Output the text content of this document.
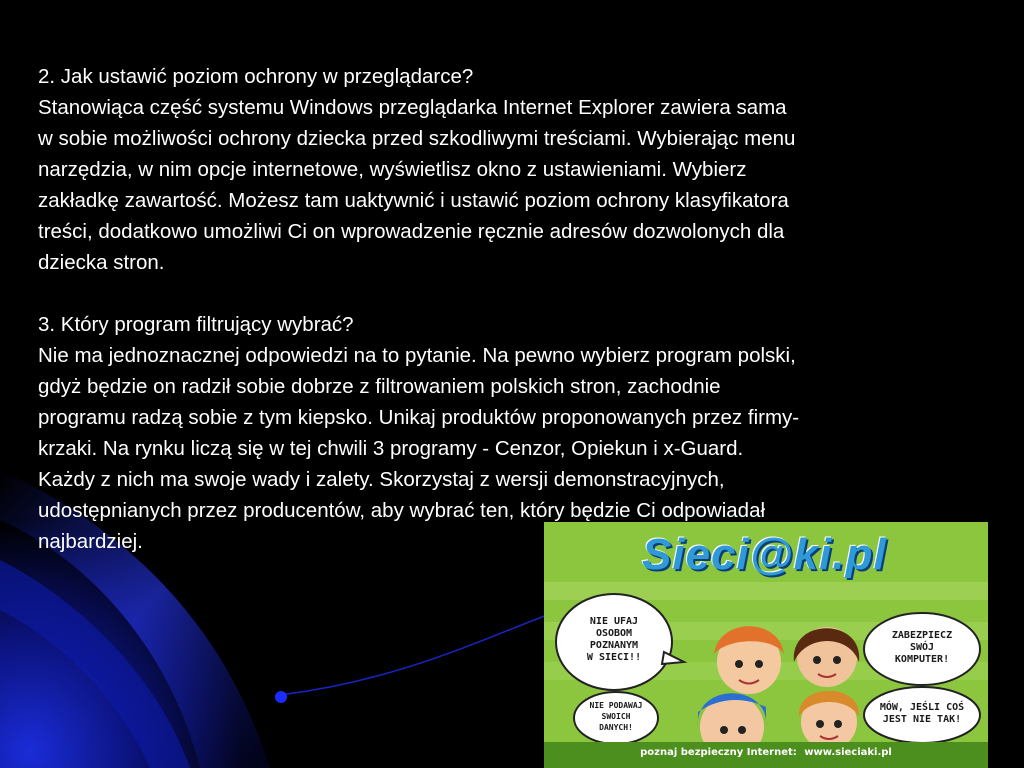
2. Jak ustawić poziom ochrony w przeglądarce?

Stanowiąca część systemu Windows przeglądarka Internet Explorer zawiera sama

w sobie możliwości ochrony dziecka przed szkodliwymi treściami. Wybierając menu

narzędzia, w nim opcje internetowe, wyświetlisz okno z ustawieniami. Wybierz

zakładkę zawartość. Możesz tam uaktywnić i ustawić poziom ochrony klasyfikatora

treści, dodatkowo umożliwi Ci on wprowadzenie ręcznie adresów dozwolonych dla

dziecka stron.

3. Który program filtrujący wybrać?

Nie ma jednoznacznej odpowiedzi na to pytanie. Na pewno wybierz program polski,

gdyż będzie on radził sobie dobrze z filtrowaniem polskich stron, zachodnie

programu radzą sobie z tym kiepsko. Unikaj produktów proponowanych przez firmy-

krzaki. Na rynku liczą się w tej chwili 3 programy - Cenzor, Opiekun i x-Guard.

Każdy z nich ma swoje wady i zalety. Skorzystaj z wersji demonstracyjnych,

udostępnianych przez producentów, aby wybrać ten, który będzie Ci odpowiadał

najbardziej.	Sieci@ki.pl
NIE UFAJ
OSOBOM
POZNANYM
W SIECI!!
ZABEZPIECZ
SWÓJ
KOMPUTER!
NIE PODAWAJ
SWOICH
DANYCH!
MÓW, JEŚLI COŚ
JEST NIE TAK!
poznaj bezpieczny Internet: www.sieciaki.pl
